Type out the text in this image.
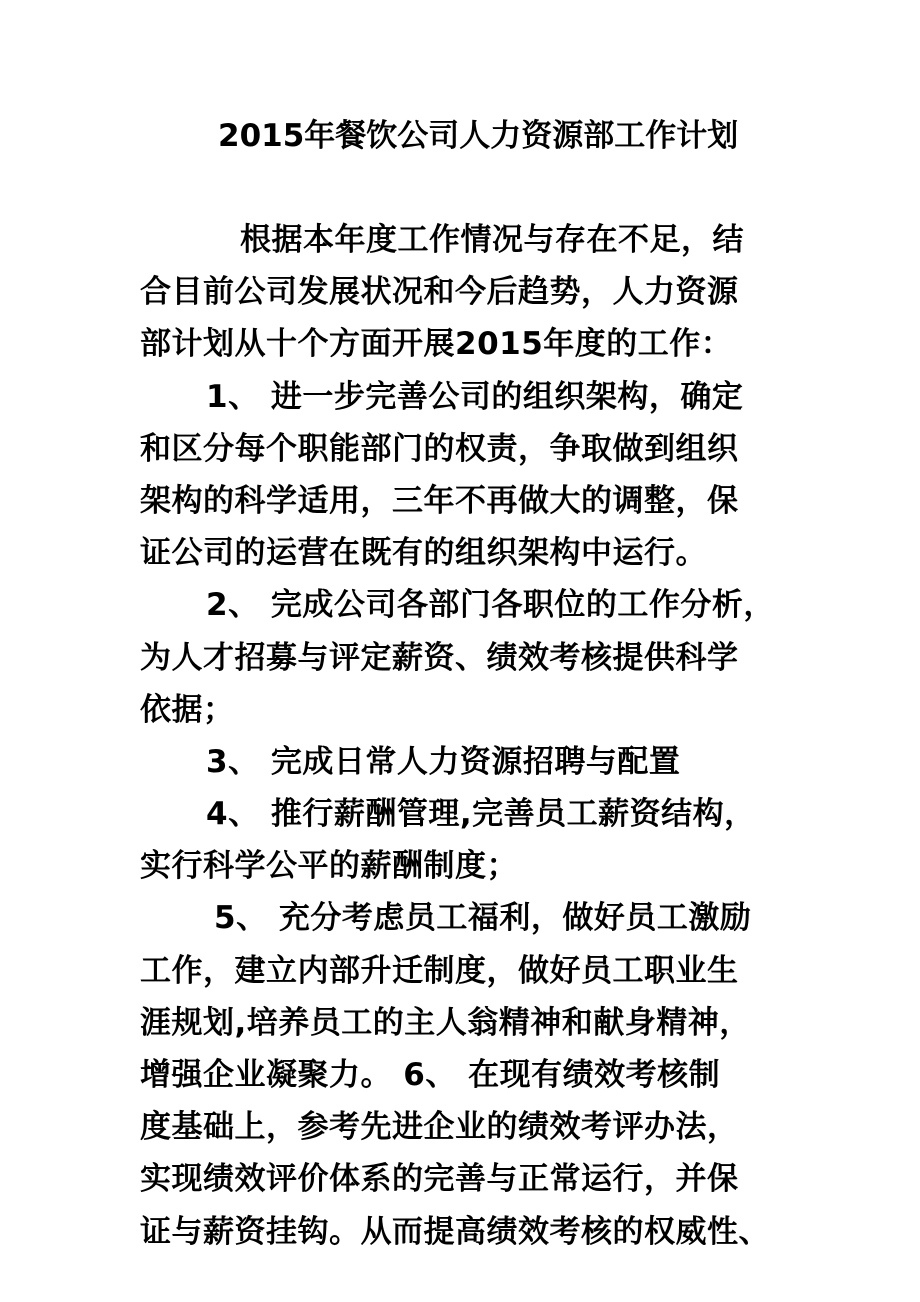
2015年餐饮公司人力资源部工作计划
根据本年度工作情况与存在不足，结
合目前公司发展状况和今后趋势，人力资源
部计划从十个方面开展2015年度的工作：
1、 进一步完善公司的组织架构，确定
和区分每个职能部门的权责，争取做到组织
架构的科学适用，三年不再做大的调整，保
证公司的运营在既有的组织架构中运行。
2、 完成公司各部门各职位的工作分析，
为人才招募与评定薪资、绩效考核提供科学
依据；
3、 完成日常人力资源招聘与配置
4、 推行薪酬管理,完善员工薪资结构，
实行科学公平的薪酬制度；
5、 充分考虑员工福利，做好员工激励
工作，建立内部升迁制度，做好员工职业生
涯规划,培养员工的主人翁精神和献身精神，
增强企业凝聚力。 6、 在现有绩效考核制
度基础上，参考先进企业的绩效考评办法，
实现绩效评价体系的完善与正常运行，并保
证与薪资挂钩。从而提高绩效考核的权威性、
